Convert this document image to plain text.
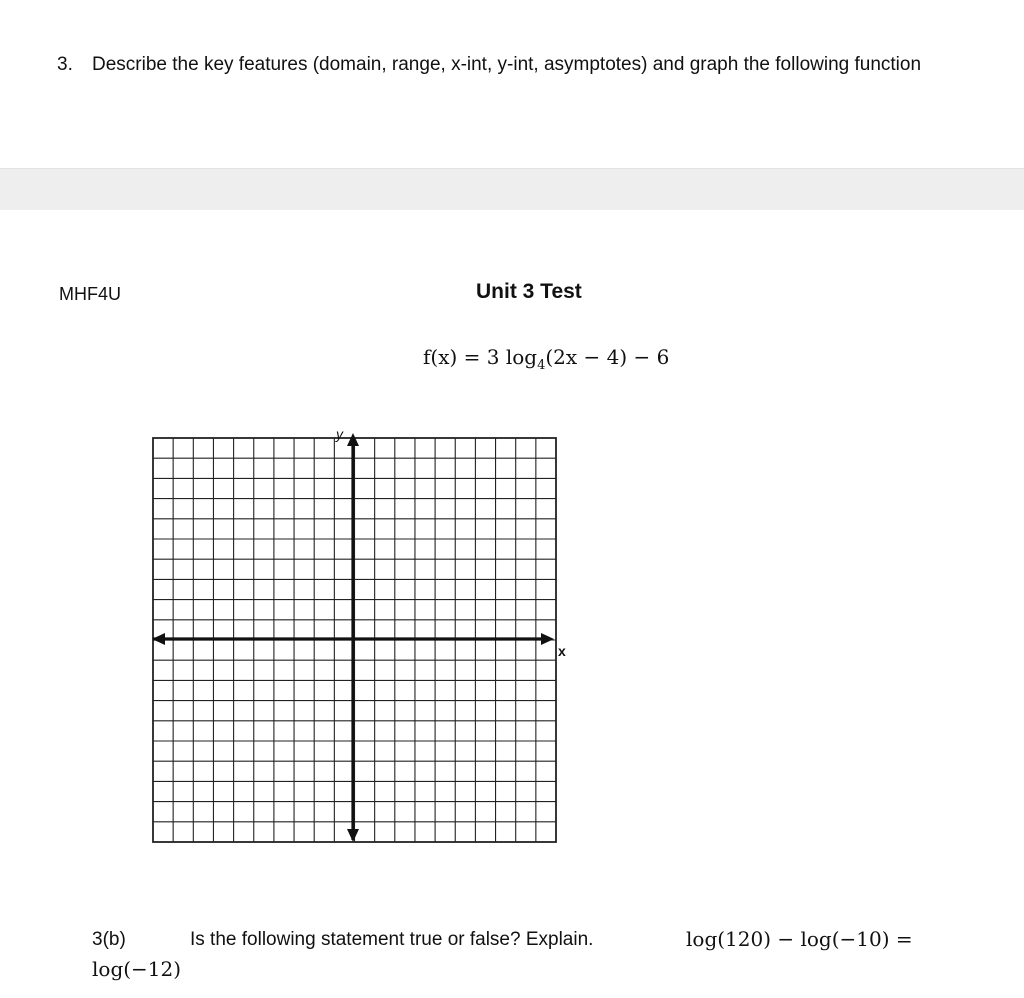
3. Describe the key features (domain, range, x-int, y-int, asymptotes) and graph the following function
MHF4U	Unit 3 Test
f(x) = 3 $\log_4(2x - 4) - 6$
x
y
3(b)	Is the following statement true or false? Explain.	log(120) − log(−10) =
log(−12)
